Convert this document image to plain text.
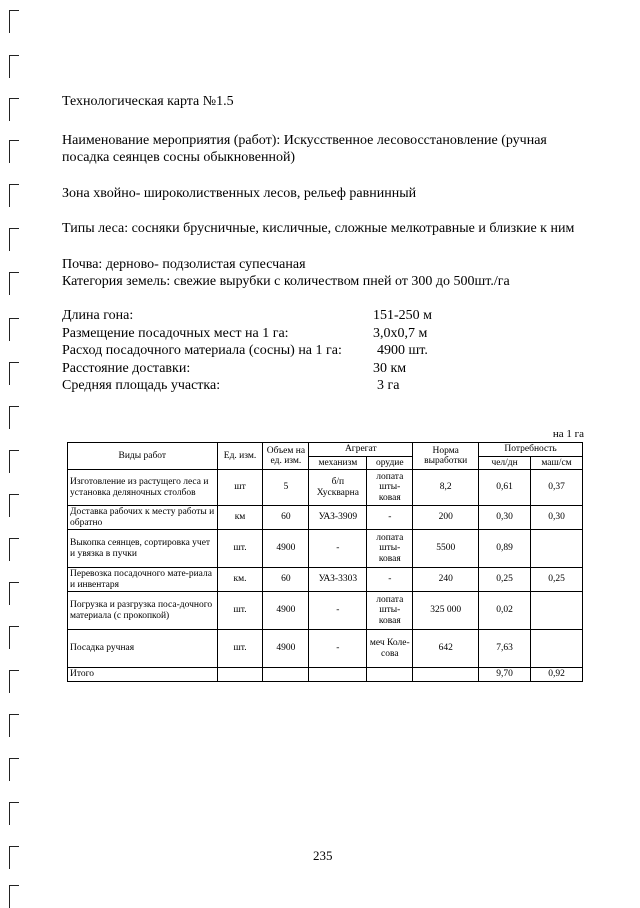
Технологическая карта №1.5
Наименование мероприятия (работ): Искусственное лесовосстановление (ручная посадка сеянцев сосны обыкновенной)
Зона хвойно- широколиственных лесов, рельеф равнинный
Типы леса: сосняки брусничные, кисличные, сложные мелкотравные и близкие к ним
Почва: дерново- подзолистая супесчаная
Категория земель: свежие вырубки с количеством пней от 300 до 500шт./га
Длина гона:	151-250 м
Размещение посадочных мест на 1 га:	3,0х0,7 м
Расход посадочного материала (сосны) на 1 га:	4900 шт.
Расстояние доставки:	30 км
Средняя площадь участка:	3 га
на 1 га
Виды работ	Ед. изм.	Объем на ед. изм.	Агрегат		Норма выработки	Потребность	
			механизм	орудие		чел/дн	маш/см
Изготовление из растущего леса и установка деляночных столбов	шт	5	б/п Хускварна	лопата шты-ковая	8,2	0,61	0,37
Доставка рабочих к месту работы и обратно	км	60	УАЗ-3909	-	200	0,30	0,30
Выкопка сеянцев, сортировка учет и увязка в пучки	шт.	4900	-	лопата шты-ковая	5500	0,89	
Перевозка посадочного мате-риала и инвентаря	км.	60	УАЗ-3303	-	240	0,25	0,25
Погрузка и разгрузка поса-дочного материала (с прокопкой)	шт.	4900	-	лопата шты-ковая	325 000	0,02	
Посадка ручная	шт.	4900	-	меч Коле-сова	642	7,63	
Итого						9,70	0,92
235
